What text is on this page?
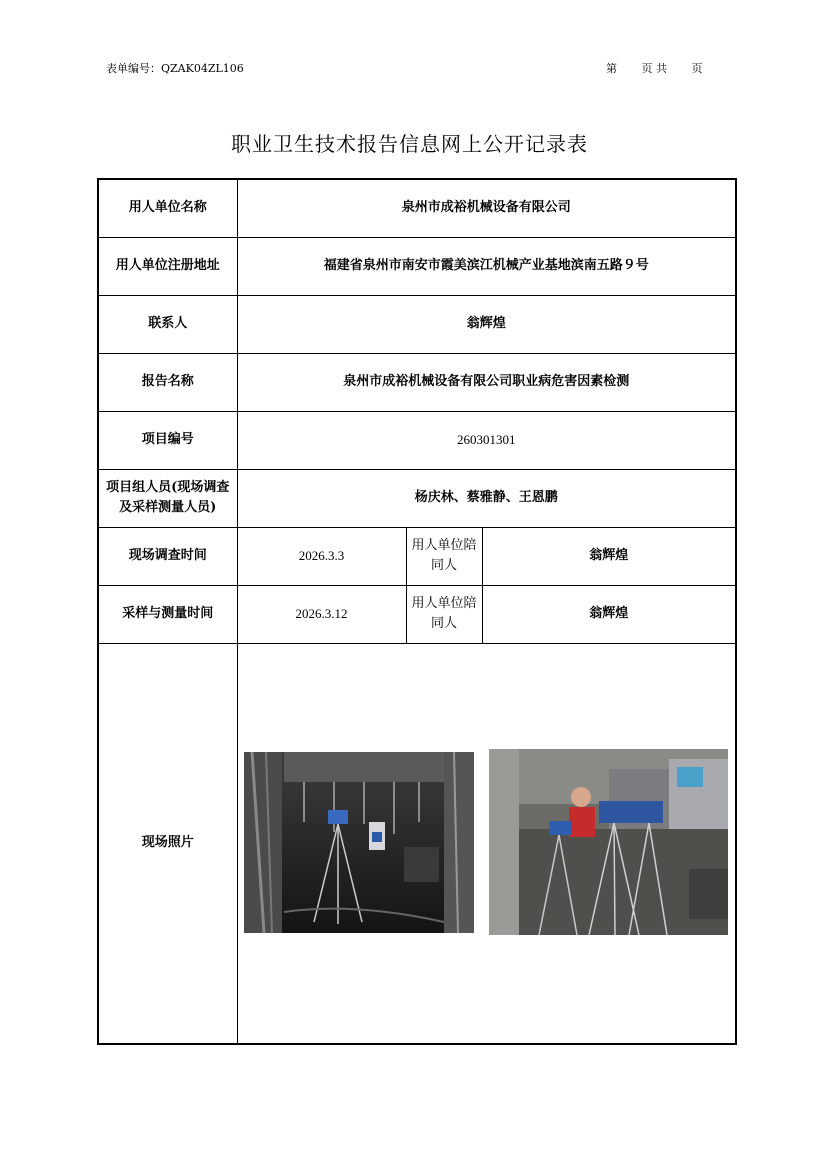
表单编号：QZAK04ZL106	第 页 共 页
职业卫生技术报告信息网上公开记录表
用人单位名称	泉州市成裕机械设备有限公司		
用人单位注册地址	福建省泉州市南安市霞美滨江机械产业基地滨南五路９号		
联系人	翁辉煌		
报告名称	泉州市成裕机械设备有限公司职业病危害因素检测		
项目编号	260301301		
项目组人员(现场调查及采样测量人员)	杨庆林、蔡雅静、王恩鹏		
现场调查时间	2026.3.3	用人单位陪同人	翁辉煌
采样与测量时间	2026.3.12	用人单位陪同人	翁辉煌
现场照片	
